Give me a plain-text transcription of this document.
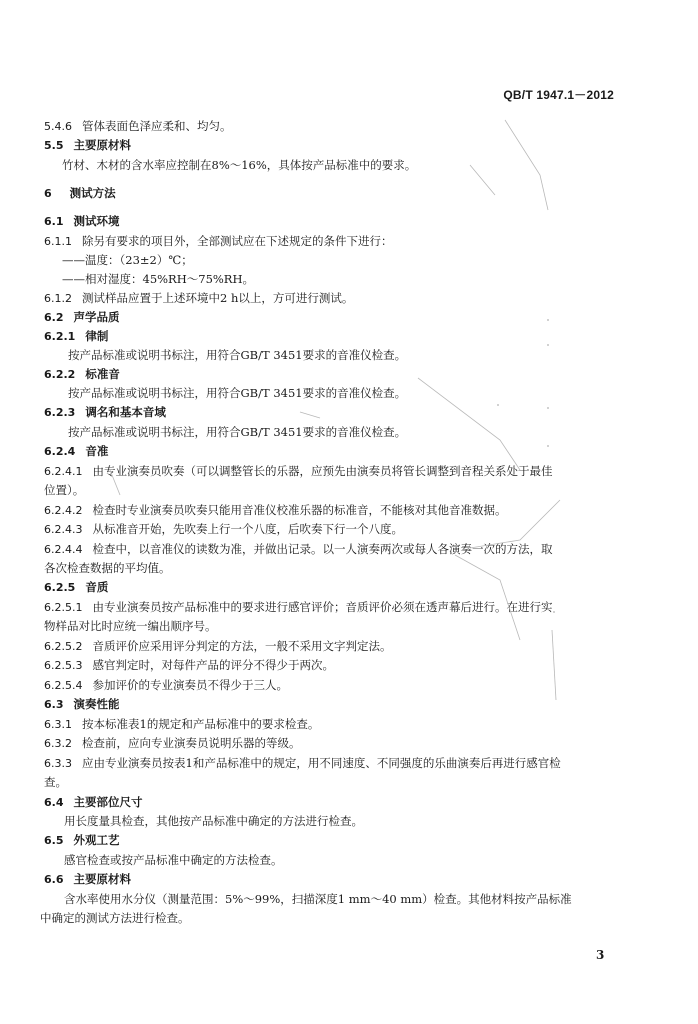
QB/T 1947.1－2012
5.4.6 管体表面色泽应柔和、均匀。
5.5 主要原材料
竹材、木材的含水率应控制在8%～16%，具体按产品标准中的要求。
6 测试方法
6.1 测试环境
6.1.1 除另有要求的项目外，全部测试应在下述规定的条件下进行：
——温度：（23±2）℃；
——相对湿度：45%RH～75%RH。
6.1.2 测试样品应置于上述环境中2 h以上，方可进行测试。
6.2 声学品质
6.2.1 律制
按产品标准或说明书标注，用符合GB/T 3451要求的音准仪检查。
6.2.2 标准音
按产品标准或说明书标注，用符合GB/T 3451要求的音准仪检查。
6.2.3 调名和基本音域
按产品标准或说明书标注，用符合GB/T 3451要求的音准仪检查。
6.2.4 音准
6.2.4.1 由专业演奏员吹奏（可以调整管长的乐器，应预先由演奏员将管长调整到音程关系处于最佳
位置）。
6.2.4.2 检查时专业演奏员吹奏只能用音准仪校准乐器的标准音，不能核对其他音准数据。
6.2.4.3 从标准音开始，先吹奏上行一个八度，后吹奏下行一个八度。
6.2.4.4 检查中，以音准仪的读数为准，并做出记录。以一人演奏两次或每人各演奏一次的方法，取
各次检查数据的平均值。
6.2.5 音质
6.2.5.1 由专业演奏员按产品标准中的要求进行感官评价；音质评价必须在透声幕后进行。在进行实
物样品对比时应统一编出顺序号。
6.2.5.2 音质评价应采用评分判定的方法，一般不采用文字判定法。
6.2.5.3 感官判定时，对每件产品的评分不得少于两次。
6.2.5.4 参加评价的专业演奏员不得少于三人。
6.3 演奏性能
6.3.1 按本标准表1的规定和产品标准中的要求检查。
6.3.2 检查前，应向专业演奏员说明乐器的等级。
6.3.3 应由专业演奏员按表1和产品标准中的规定，用不同速度、不同强度的乐曲演奏后再进行感官检
查。
6.4 主要部位尺寸
用长度量具检查，其他按产品标准中确定的方法进行检查。
6.5 外观工艺
感官检查或按产品标准中确定的方法检查。
6.6 主要原材料
含水率使用水分仪（测量范围：5%～99%，扫描深度1 mm～40 mm）检查。其他材料按产品标准
中确定的测试方法进行检查。
3
